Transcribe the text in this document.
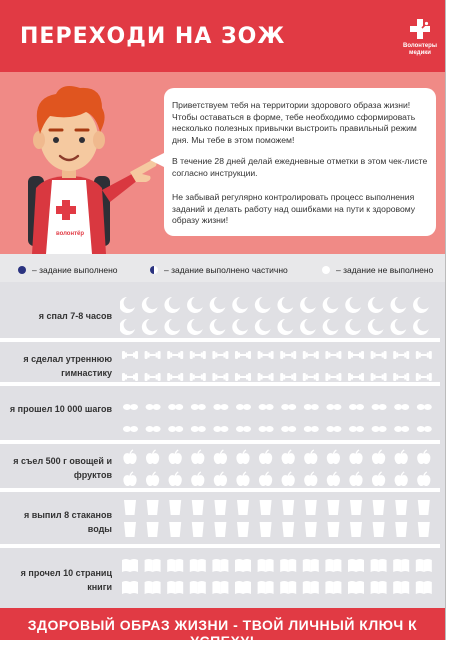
ПЕРЕХОДИ НА ЗОЖ	Волонтеры медики
волонтёр

Приветствуем тебя на территории здорового образа жизни! Чтобы оставаться в форме, тебе необходимо сформировать несколько полезных привычки выстроить правильный режим дня. Мы тебе в этом поможем!

В течение 28 дней делай ежедневные отметки в этом чек-листе согласно инструкции.

Не забывай регулярно контролировать процесс выполнения заданий и делать работу над ошибками на пути к здоровому образу жизни!

– задание выполнено	– задание выполнено частично	– задание не выполнено
я спал 7-8 часов
я сделал утреннюю гимнастику
я прошел 10 000 шагов
я съел 500 г овощей и фруктов
я выпил 8 стаканов воды
я прочел 10 страниц книги
ЗДОРОВЫЙ ОБРАЗ ЖИЗНИ - ТВОЙ ЛИЧНЫЙ КЛЮЧ К УСПЕХУ!
